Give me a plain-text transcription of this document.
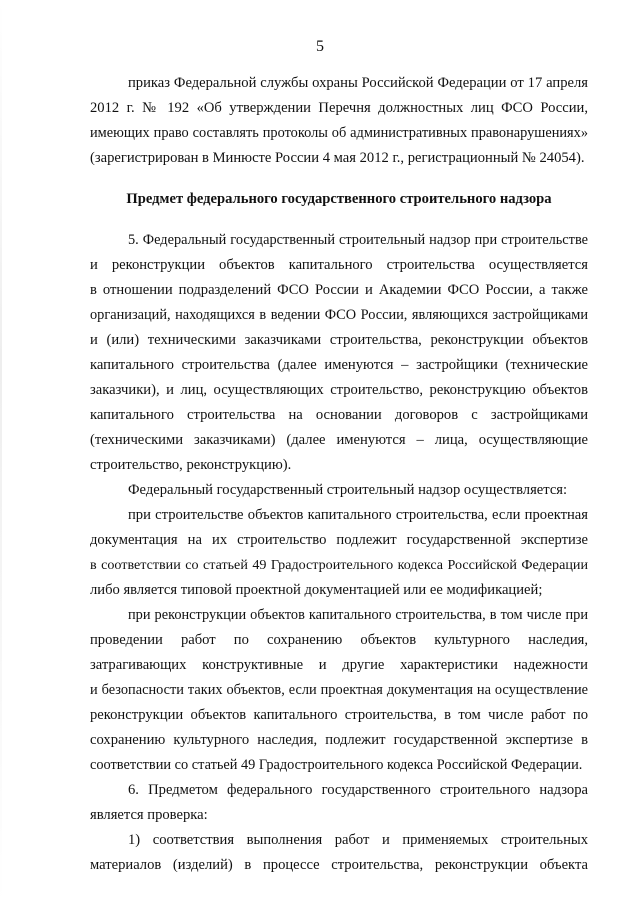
5
приказ Федеральной службы охраны Российской Федерации от 17 апреля
2012 г. № 192 «Об утверждении Перечня должностных лиц ФСО России,
имеющих право составлять протоколы об административных правонарушениях»
(зарегистрирован в Минюсте России 4 мая 2012 г., регистрационный № 24054).
Предмет федерального государственного строительного надзора
5. Федеральный государственный строительный надзор при строительстве
и реконструкции объектов капитального строительства осуществляется
в отношении подразделений ФСО России и Академии ФСО России, а также
организаций, находящихся в ведении ФСО России, являющихся застройщиками
и (или) техническими заказчиками строительства, реконструкции объектов
капитального строительства (далее именуются – застройщики (технические
заказчики), и лиц, осуществляющих строительство, реконструкцию объектов
капитального строительства на основании договоров с застройщиками
(техническими заказчиками) (далее именуются – лица, осуществляющие
строительство, реконструкцию).
Федеральный государственный строительный надзор осуществляется:
при строительстве объектов капитального строительства, если проектная
документация на их строительство подлежит государственной экспертизе
в соответствии со статьей 49 Градостроительного кодекса Российской Федерации
либо является типовой проектной документацией или ее модификацией;
при реконструкции объектов капитального строительства, в том числе при
проведении работ по сохранению объектов культурного наследия,
затрагивающих конструктивные и другие характеристики надежности
и безопасности таких объектов, если проектная документация на осуществление
реконструкции объектов капитального строительства, в том числе работ по
сохранению культурного наследия, подлежит государственной экспертизе в
соответствии со статьей 49 Градостроительного кодекса Российской Федерации.
6. Предметом федерального государственного строительного надзора
является проверка:
1) соответствия выполнения работ и применяемых строительных
материалов (изделий) в процессе строительства, реконструкции объекта
